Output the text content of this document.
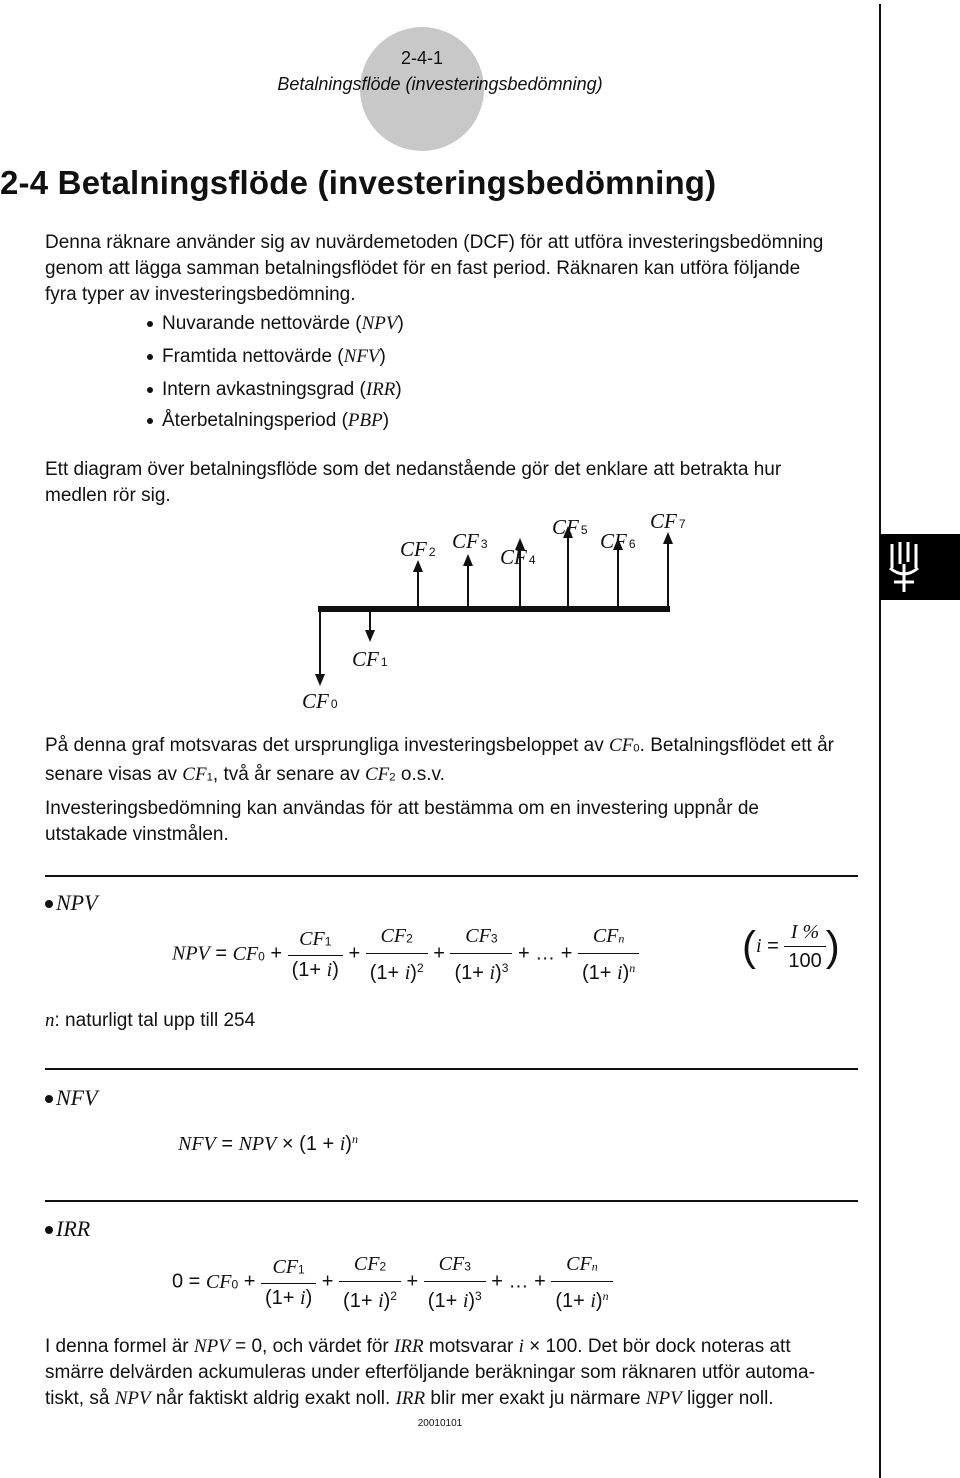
2-4-1
Betalningsflöde (investeringsbedömning)
2-4 Betalningsflöde (investeringsbedömning)
Denna räknare använder sig av nuvärdemetoden (DCF) för att utföra investeringsbedömning
genom att lägga samman betalningsflödet för en fast period. Räknaren kan utföra följande
fyra typer av investeringsbedömning.
Nuvarande nettovärde (NPV)
Framtida nettovärde (NFV)
Intern avkastningsgrad (IRR)
Återbetalningsperiod (PBP)
Ett diagram över betalningsflöde som det nedanstående gör det enklare att betrakta hur
medlen rör sig.
CF 0
CF 1
CF 2 CF 3
CF 4
CF 5 CF 6
CF 7
På denna graf motsvaras det ursprungliga investeringsbeloppet av CF0. Betalningsflödet ett år
senare visas av CF1, två år senare av CF2 o.s.v.
Investeringsbedömning kan användas för att bestämma om en investering uppnår de
utstakade vinstmålen.
NPV
NPV = $CF0 + \frac{CF1}{(1+ i)} + \frac{CF2}{(1+ i)^2} + \frac{CF3}{(1+ i)^3}$ + … + $\frac{\text{CFn}}{(1+ i)^n} (i = \frac{I \%}{100}$ )
n: naturligt tal upp till 254
NFV
NFV = NPV × $(1 + i)^n$
IRR
$0 = CF0 + \frac{CF1}{(1+ i)} + \frac{CF2}{(1+ i)^2} + \frac{CF3}{(1+ i)^3}$ + … + $\frac{\text{CFn}}{(1+ i)^n}$
I denna formel är NPV = 0, och värdet för IRR motsvarar i × 100. Det bör dock noteras att
smärre delvärden ackumuleras under efterföljande beräkningar som räknaren utför automa-
tiskt, så NPV når faktiskt aldrig exakt noll. IRR blir mer exakt ju närmare NPV ligger noll.
20010101
